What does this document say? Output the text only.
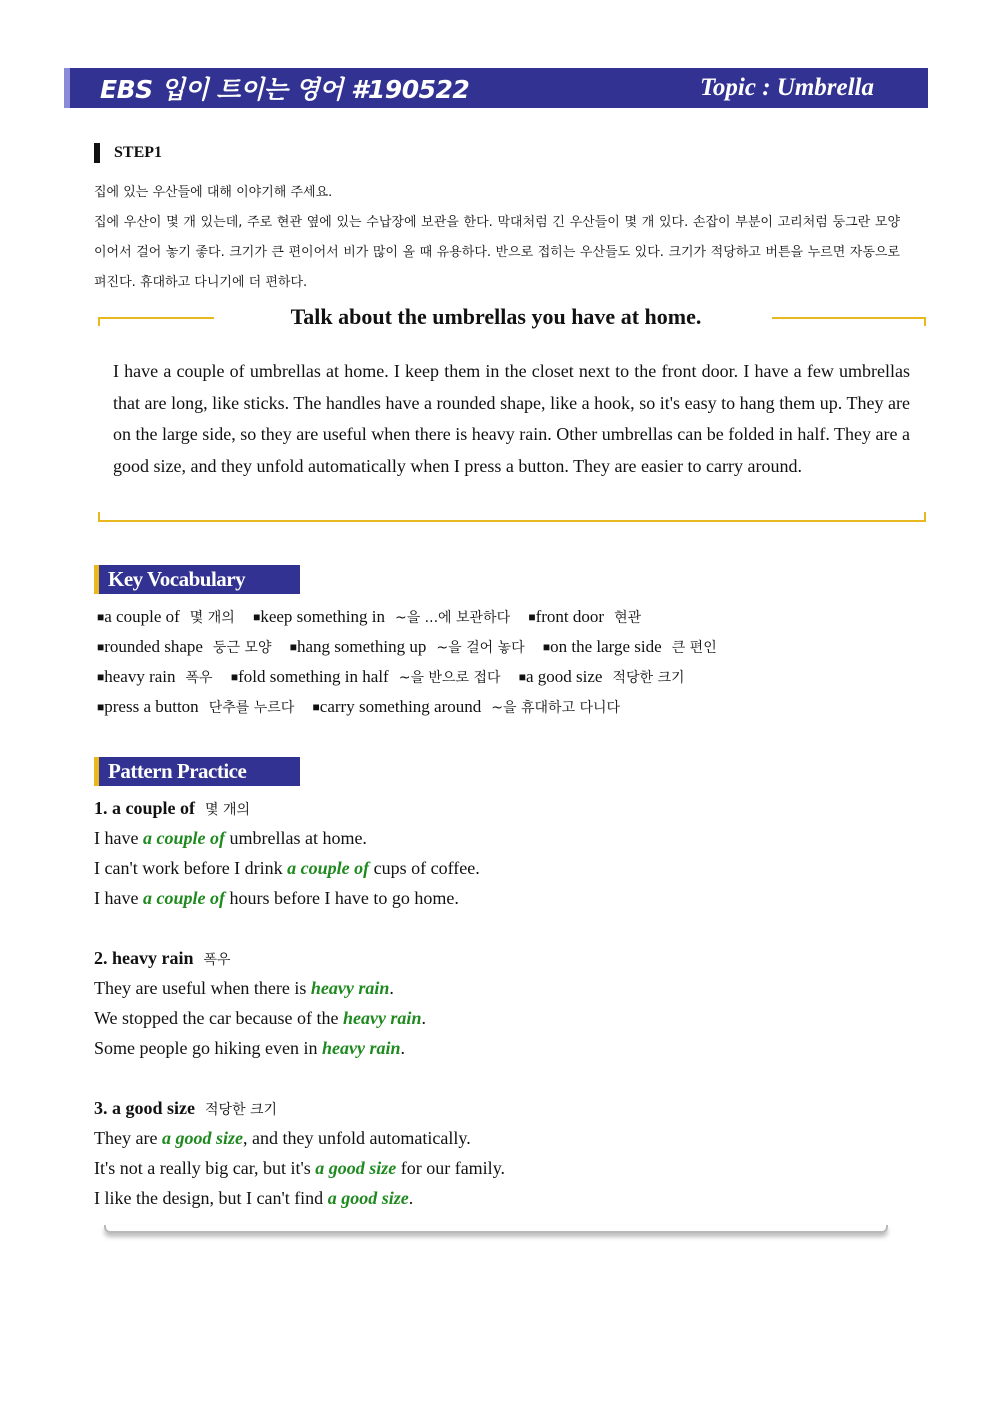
EBS 입이 트이는 영어 #190522	Topic : Umbrella
STEP1
집에 있는 우산들에 대해 이야기해 주세요.
집에 우산이 몇 개 있는데, 주로 현관 옆에 있는 수납장에 보관을 한다. 막대처럼 긴 우산들이 몇 개 있다. 손잡이 부분이 고리처럼 둥그란 모양이어서 걸어 놓기 좋다. 크기가 큰 편이어서 비가 많이 올 때 유용하다. 반으로 접히는 우산들도 있다. 크기가 적당하고 버튼을 누르면 자동으로 펴진다. 휴대하고 다니기에 더 편하다.
Talk about the umbrellas you have at home.
I have a couple of umbrellas at home. I keep them in the closet next to the front door. I have a few umbrellas that are long, like sticks. The handles have a rounded shape, like a hook, so it's easy to hang them up. They are on the large side, so they are useful when there is heavy rain. Other umbrellas can be folded in half. They are a good size, and they unfold automatically when I press a button. They are easier to carry around.
Key Vocabulary
■a couple of 몇 개의 ■keep something in ~을 ...에 보관하다 ■front door 현관
■rounded shape 둥근 모양 ■hang something up ~을 걸어 놓다 ■on the large side 큰 편인
■heavy rain 폭우 ■fold something in half ~을 반으로 접다 ■a good size 적당한 크기
■press a button 단추를 누르다 ■carry something around ~을 휴대하고 다니다
Pattern Practice
1. a couple of 몇 개의
I have a couple of umbrellas at home.
I can't work before I drink a couple of cups of coffee.
I have a couple of hours before I have to go home.
2. heavy rain 폭우
They are useful when there is heavy rain.
We stopped the car because of the heavy rain.
Some people go hiking even in heavy rain.
3. a good size 적당한 크기
They are a good size, and they unfold automatically.
It's not a really big car, but it's a good size for our family.
I like the design, but I can't find a good size.
